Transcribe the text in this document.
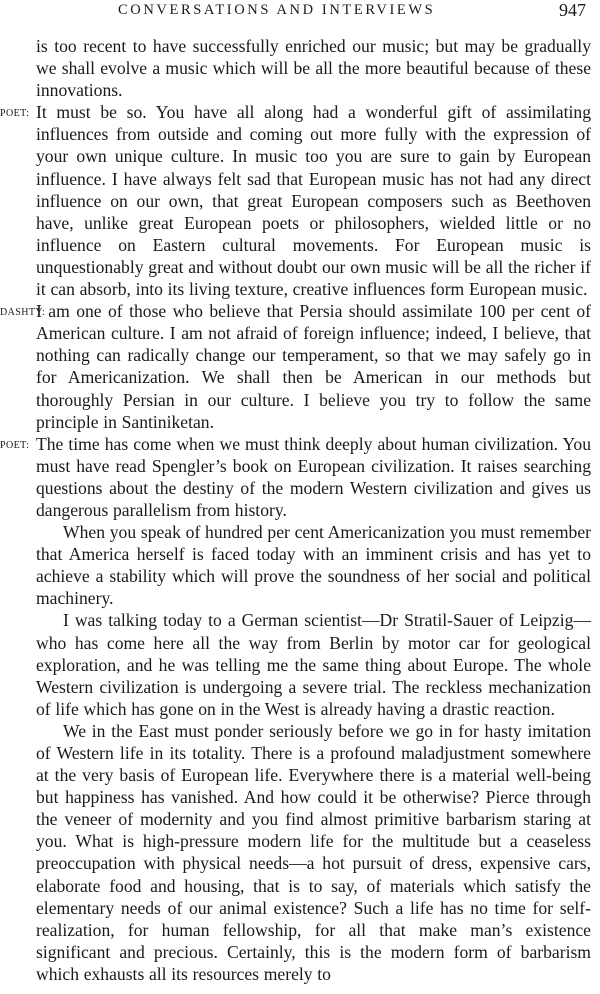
CONVERSATIONS AND INTERVIEWS	947

is too recent to have successfully enriched our music; but may be gradually we shall evolve a music which will be all the more beautiful because of these innovations.

POET: It must be so. You have all along had a wonderful gift of assimilating influences from outside and coming out more fully with the expression of your own unique culture. In music too you are sure to gain by European influence. I have always felt sad that European music has not had any direct influence on our own, that great European composers such as Beethoven have, unlike great European poets or philosophers, wielded little or no influence on Eastern cultural movements. For European music is unquestionably great and without doubt our own music will be all the richer if it can absorb, into its living texture, creative influences form European music.

DASHTY:
I am one of those who believe that Persia should assimilate 100 per cent of American culture. I am not afraid of foreign influence; indeed, I believe, that nothing can radically change our temperament, so that we may safely go in for Americanization. We shall then be American in our methods but thoroughly Persian in our culture. I believe you try to follow the same principle in Santiniketan.

POET: The time has come when we must think deeply about human civilization. You must have read Spengler’s book on European civilization. It raises searching questions about the destiny of the modern Western civilization and gives us dangerous parallelism from history.

When you speak of hundred per cent Americanization you must remember that America herself is faced today with an imminent crisis and has yet to achieve a stability which will prove the soundness of her social and political machinery.

I was talking today to a German scientist—Dr Stratil-Sauer of Leipzig—who has come here all the way from Berlin by motor car for geological exploration, and he was telling me the same thing about Europe. The whole Western civilization is undergoing a severe trial. The reckless mechanization of life which has gone on in the West is already having a drastic reaction.

We in the East must ponder seriously before we go in for hasty imitation of Western life in its totality. There is a profound maladjustment somewhere at the very basis of European life. Everywhere there is a material well-being but happiness has vanished. And how could it be otherwise? Pierce through the veneer of modernity and you find almost primitive barbarism staring at you. What is high-pressure modern life for the multitude but a ceaseless preoccupation with physical needs—a hot pursuit of dress, expensive cars, elaborate food and housing, that is to say, of materials which satisfy the elementary needs of our animal existence? Such a life has no time for self-realization, for human fellowship, for all that make man’s existence significant and precious. Certainly, this is the modern form of barbarism which exhausts all its resources merely to
